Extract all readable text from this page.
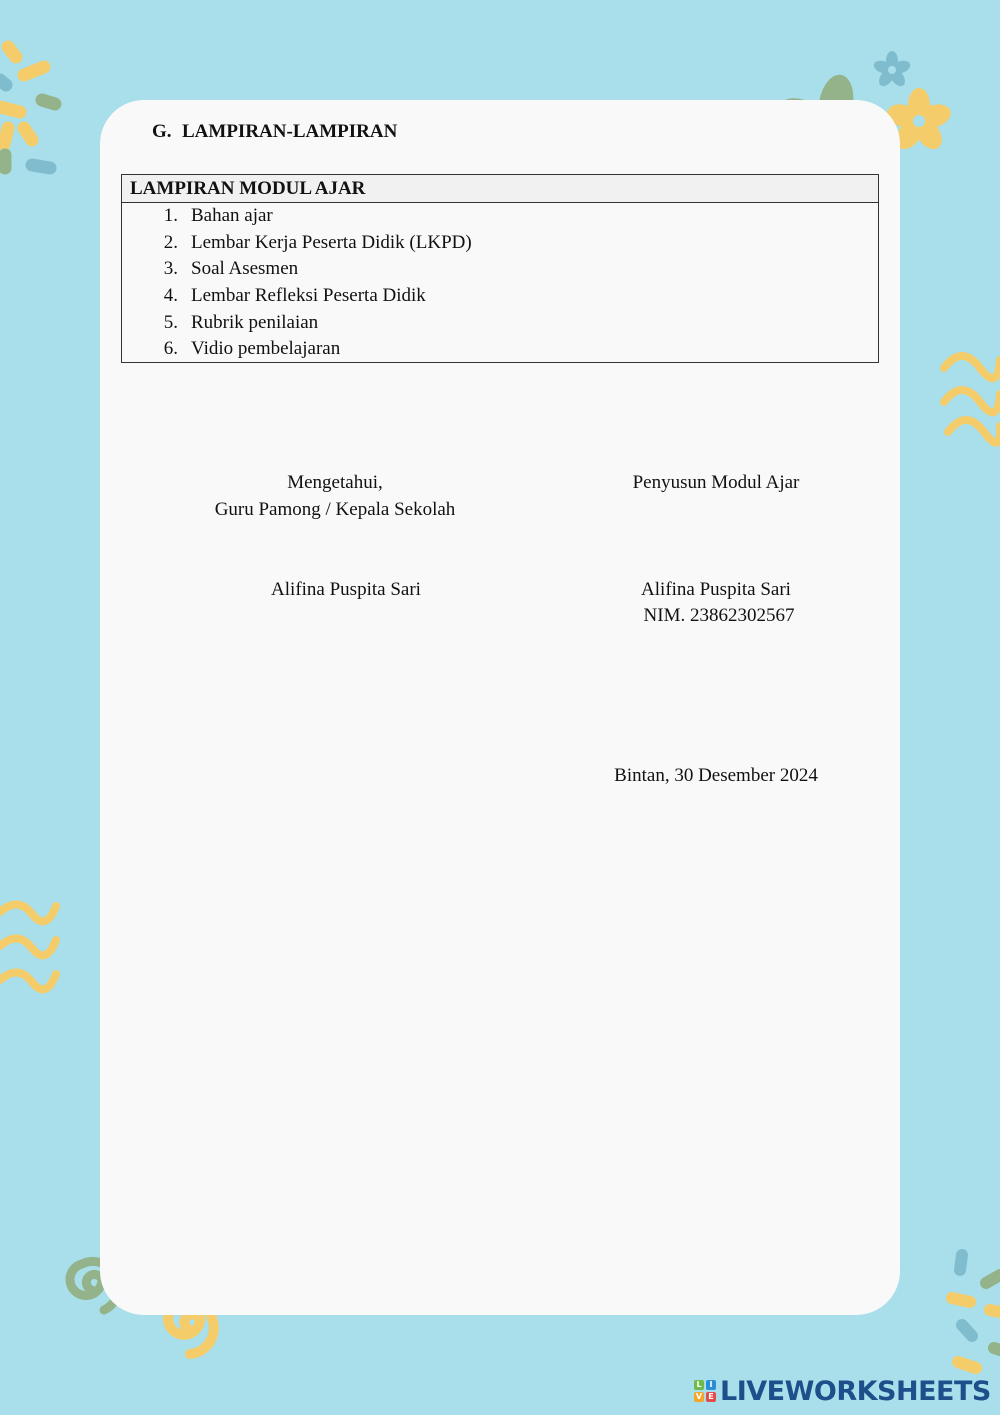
G. LAMPIRAN-LAMPIRAN
LAMPIRAN MODUL AJAR
1. Bahan ajar
2. Lembar Kerja Peserta Didik (LKPD)
3. Soal Asesmen
4. Lembar Refleksi Peserta Didik
5. Rubrik penilaian
6. Vidio pembelajaran
Mengetahui,
Guru Pamong / Kepala Sekolah
Penyusun Modul Ajar
Alifina Puspita Sari	Alifina Puspita Sari
NIM. 23862302567
Bintan, 30 Desember 2024
L I
V E LIVEWORKSHEETS
